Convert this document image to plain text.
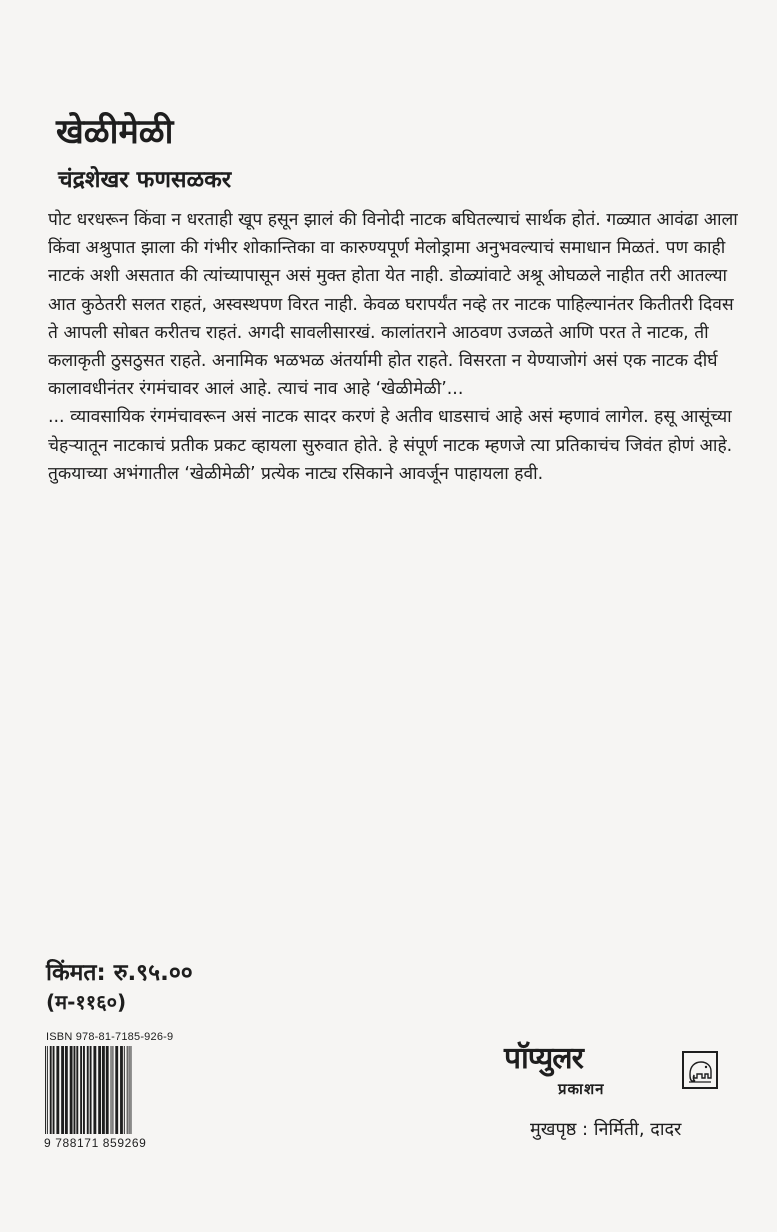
खेळीमेळी
चंद्रशेखर फणसळकर

पोट धरधरून किंवा न धरताही खूप हसून झालं की विनोदी नाटक बघितल्याचं सार्थक होतं. गळ्यात आवंढा आला किंवा अश्रुपात झाला की गंभीर शोकान्तिका वा कारुण्यपूर्ण मेलोड्रामा अनुभवल्याचं समाधान मिळतं. पण काही नाटकं अशी असतात की त्यांच्यापासून असं मुक्त होता येत नाही. डोळ्यांवाटे अश्रू ओघळले नाहीत तरी आतल्या आत कुठेतरी सलत राहतं, अस्वस्थपण विरत नाही. केवळ घरापर्यंत नव्हे तर नाटक पाहिल्यानंतर कितीतरी दिवस ते आपली सोबत करीतच राहतं. अगदी सावलीसारखं. कालांतराने आठवण उजळते आणि परत ते नाटक, ती कलाकृती ठुसठुसत राहते. अनामिक भळभळ अंतर्यामी होत राहते. विसरता न येण्याजोगं असं एक नाटक दीर्घ कालावधीनंतर रंगमंचावर आलं आहे. त्याचं नाव आहे ‘खेळीमेळी’...

... व्यावसायिक रंगमंचावरून असं नाटक सादर करणं हे अतीव धाडसाचं आहे असं म्हणावं लागेल. हसू आसूंच्या चेहऱ्यातून नाटकाचं प्रतीक प्रकट व्हायला सुरुवात होते. हे संपूर्ण नाटक म्हणजे त्या प्रतिकाचंच जिवंत होणं आहे. तुकयाच्या अभंगातील ‘खेळीमेळी’ प्रत्येक नाट्य रसिकाने आवर्जून पाहायला हवी.

किंमत: रु.९५.००
(म-११६०)
ISBN 978-81-7185-926-9
9 788171 859269
पॉप्युलर
प्रकाशन
मुखपृष्ठ : निर्मिती, दादर
